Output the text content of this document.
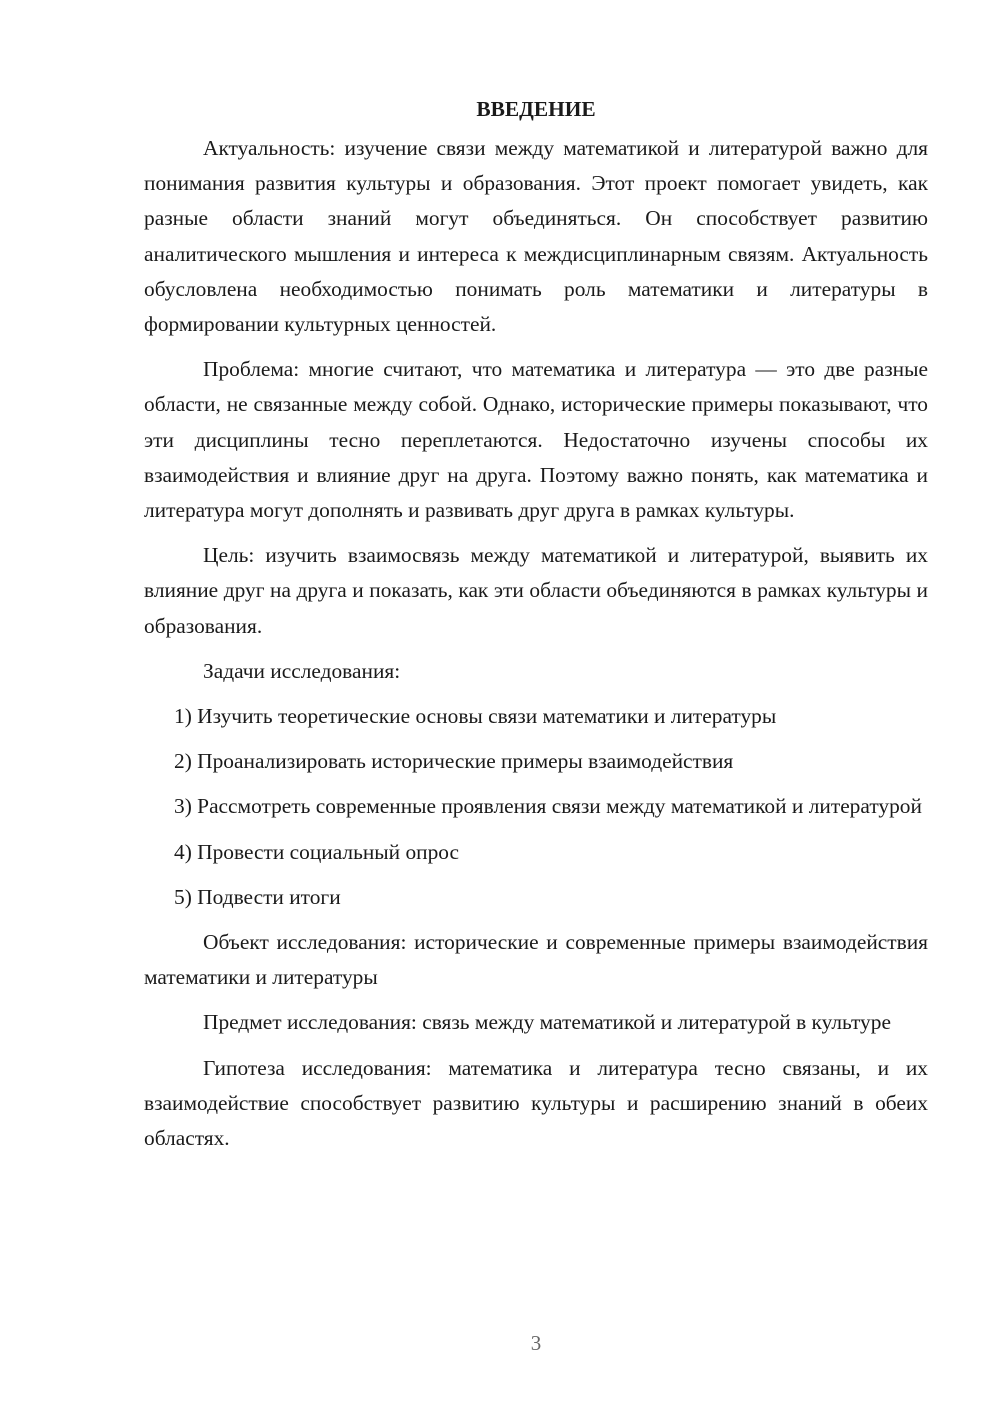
ВВЕДЕНИЕ

Актуальность: изучение связи между математикой и литературой важно для понимания развития культуры и образования. Этот проект помогает увидеть, как разные области знаний могут объединяться. Он способствует развитию аналитического мышления и интереса к междисциплинарным связям. Актуальность обусловлена необходимостью понимать роль математики и литературы в формировании культурных ценностей.

Проблема: многие считают, что математика и литература — это две разные области, не связанные между собой. Однако, исторические примеры показывают, что эти дисциплины тесно переплетаются. Недостаточно изучены способы их взаимодействия и влияние друг на друга. Поэтому важно понять, как математика и литература могут дополнять и развивать друг друга в рамках культуры.

Цель: изучить взаимосвязь между математикой и литературой, выявить их влияние друг на друга и показать, как эти области объединяются в рамках культуры и образования.

Задачи исследования:

1) Изучить теоретические основы связи математики и литературы

2) Проанализировать исторические примеры взаимодействия

3) Рассмотреть современные проявления связи между математикой и литературой

4) Провести социальный опрос

5) Подвести итоги

Объект исследования: исторические и современные примеры взаимодействия математики и литературы

Предмет исследования: связь между математикой и литературой в культуре

Гипотеза исследования: математика и литература тесно связаны, и их взаимодействие способствует развитию культуры и расширению знаний в обеих областях.

3
